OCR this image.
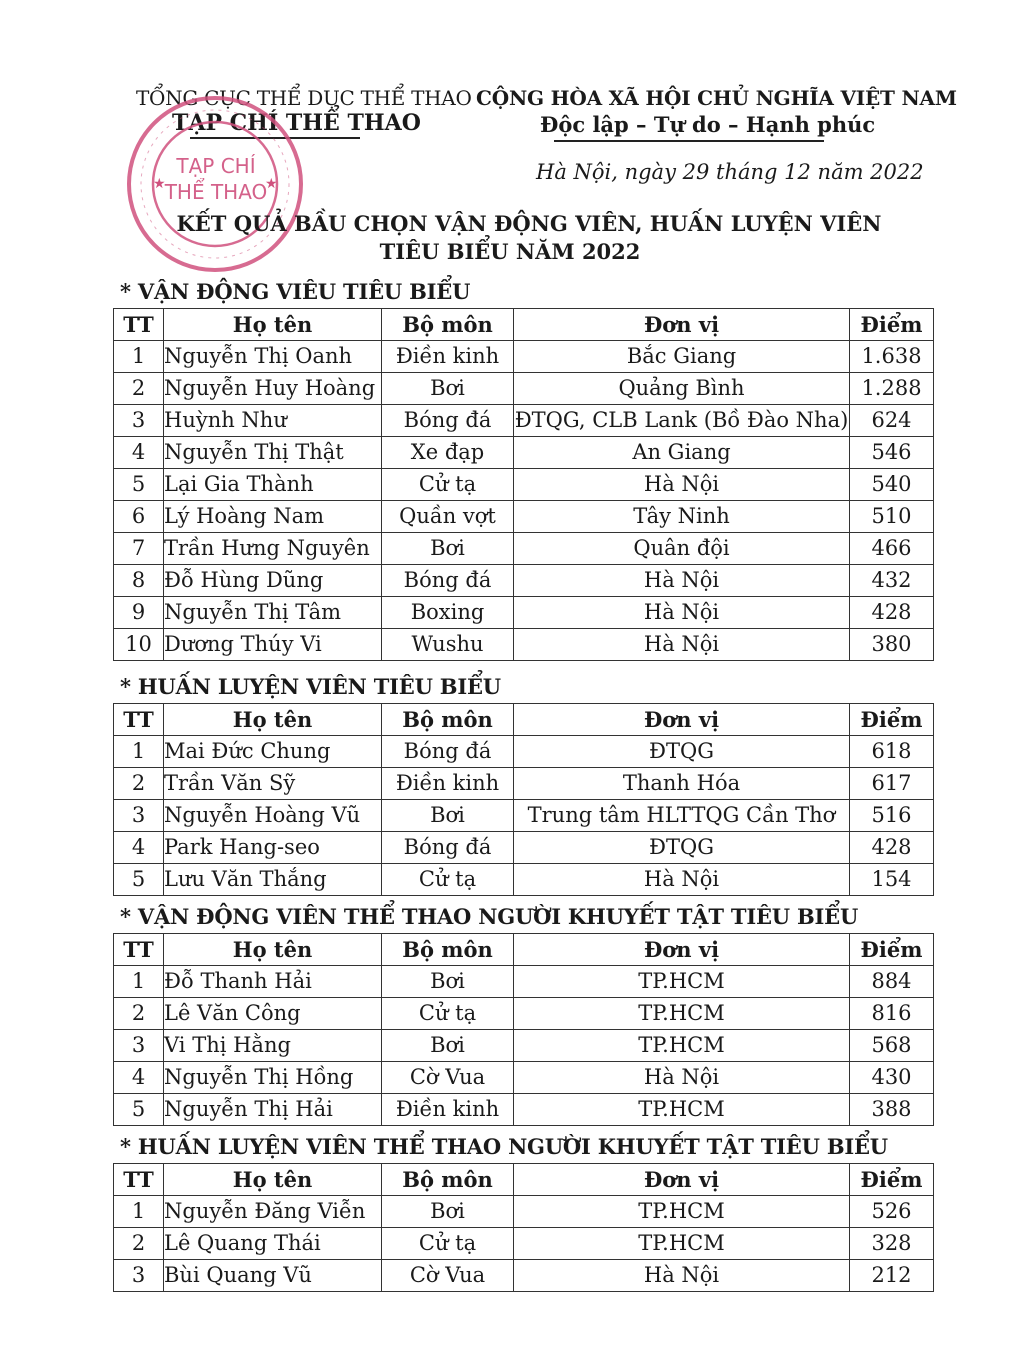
TỔNG CỤC THỂ DỤC THỂ THAO
TẠP CHÍ THỂ THAO
CỘNG HÒA XÃ HỘI CHỦ NGHĨA VIỆT NAM
Độc lập – Tự do – Hạnh phúc
Hà Nội, ngày 29 tháng 12 năm 2022
★	★
TẠP CHÍ
THỂ THAO
KẾT QUẢ BẦU CHỌN VẬN ĐỘNG VIÊN, HUẤN LUYỆN VIÊN
TIÊU BIỂU NĂM 2022
* VẬN ĐỘNG VIÊU TIÊU BIỂU
TT	Họ tên	Bộ môn	Đơn vị	Điểm
1	Nguyễn Thị Oanh	Điền kinh	Bắc Giang	1.638
2	Nguyễn Huy Hoàng	Bơi	Quảng Bình	1.288
3	Huỳnh Như	Bóng đá	ĐTQG, CLB Lank (Bồ Đào Nha)	624
4	Nguyễn Thị Thật	Xe đạp	An Giang	546
5	Lại Gia Thành	Cử tạ	Hà Nội	540
6	Lý Hoàng Nam	Quần vợt	Tây Ninh	510
7	Trần Hưng Nguyên	Bơi	Quân đội	466
8	Đỗ Hùng Dũng	Bóng đá	Hà Nội	432
9	Nguyễn Thị Tâm	Boxing	Hà Nội	428
10	Dương Thúy Vi	Wushu	Hà Nội	380
* HUẤN LUYỆN VIÊN TIÊU BIỂU
TT	Họ tên	Bộ môn	Đơn vị	Điểm
1	Mai Đức Chung	Bóng đá	ĐTQG	618
2	Trần Văn Sỹ	Điền kinh	Thanh Hóa	617
3	Nguyễn Hoàng Vũ	Bơi	Trung tâm HLTTQG Cần Thơ	516
4	Park Hang-seo	Bóng đá	ĐTQG	428
5	Lưu Văn Thắng	Cử tạ	Hà Nội	154
* VẬN ĐỘNG VIÊN THỂ THAO NGƯỜI KHUYẾT TẬT TIÊU BIỂU
TT	Họ tên	Bộ môn	Đơn vị	Điểm
1	Đỗ Thanh Hải	Bơi	TP.HCM	884
2	Lê Văn Công	Cử tạ	TP.HCM	816
3	Vi Thị Hằng	Bơi	TP.HCM	568
4	Nguyễn Thị Hồng	Cờ Vua	Hà Nội	430
5	Nguyễn Thị Hải	Điền kinh	TP.HCM	388
* HUẤN LUYỆN VIÊN THỂ THAO NGƯỜI KHUYẾT TẬT TIÊU BIỂU
TT	Họ tên	Bộ môn	Đơn vị	Điểm
1	Nguyễn Đăng Viễn	Bơi	TP.HCM	526
2	Lê Quang Thái	Cử tạ	TP.HCM	328
3	Bùi Quang Vũ	Cờ Vua	Hà Nội	212
